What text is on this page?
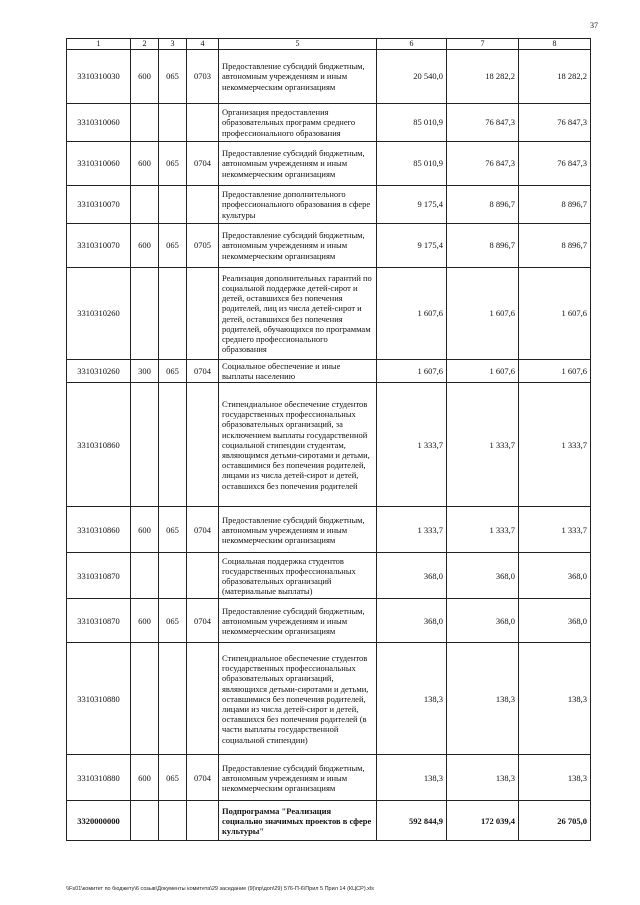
37
1	2	3	4	5	6	7	8
3310310030	600	065	0703	Предоставление субсидий бюджетным, автономным учреждениям и иным некоммерческим организациям	20 540,0	18 282,2	18 282,2
3310310060				Организация предоставления образовательных программ среднего профессионального образования	85 010,9	76 847,3	76 847,3
3310310060	600	065	0704	Предоставление субсидий бюджетным, автономным учреждениям и иным некоммерческим организациям	85 010,9	76 847,3	76 847,3
3310310070				Предоставление дополнительного профессионального образования в сфере культуры	9 175,4	8 896,7	8 896,7
3310310070	600	065	0705	Предоставление субсидий бюджетным, автономным учреждениям и иным некоммерческим организациям	9 175,4	8 896,7	8 896,7
3310310260				Реализация дополнительных гарантий по социальной поддержке детей-сирот и детей, оставшихся без попечения родителей, лиц из числа детей-сирот и детей, оставшихся без попечения родителей, обучающихся по программам среднего профессионального образования	1 607,6	1 607,6	1 607,6
3310310260	300	065	0704	Социальное обеспечение и иные выплаты населению	1 607,6	1 607,6	1 607,6
3310310860				Стипендиальное обеспечение студентов государственных профессиональных образовательных организаций, за исключением выплаты государственной социальной стипендии студентам, являющимся детьми-сиротами и детьми, оставшимися без попечения родителей, лицами из числа детей-сирот и детей, оставшихся без попечения родителей	1 333,7	1 333,7	1 333,7
3310310860	600	065	0704	Предоставление субсидий бюджетным, автономным учреждениям и иным некоммерческим организациям	1 333,7	1 333,7	1 333,7
3310310870				Социальная поддержка студентов государственных профессиональных образовательных организаций (материальные выплаты)	368,0	368,0	368,0
3310310870	600	065	0704	Предоставление субсидий бюджетным, автономным учреждениям и иным некоммерческим организациям	368,0	368,0	368,0
3310310880				Стипендиальное обеспечение студентов государственных профессиональных образовательных организаций, являющихся детьми-сиротами и детьми, оставшимися без попечения родителей, лицами из числа детей-сирот и детей, оставшихся без попечения родителей (в части выплаты государственной социальной стипендии)	138,3	138,3	138,3
3310310880	600	065	0704	Предоставление субсидий бюджетным, автономным учреждениям и иным некоммерческим организациям	138,3	138,3	138,3
3320000000				Подпрограмма "Реализация социально значимых проектов в сфере культуры"	592 844,9	172 039,4	26 705,0
\\Fs01\комитет по бюджету\6 созыв\Документы комитета\29 заседание (9)\пр\доп\29) 576-П-6\Прил 5 Прил 14 (КЦСР).xls
